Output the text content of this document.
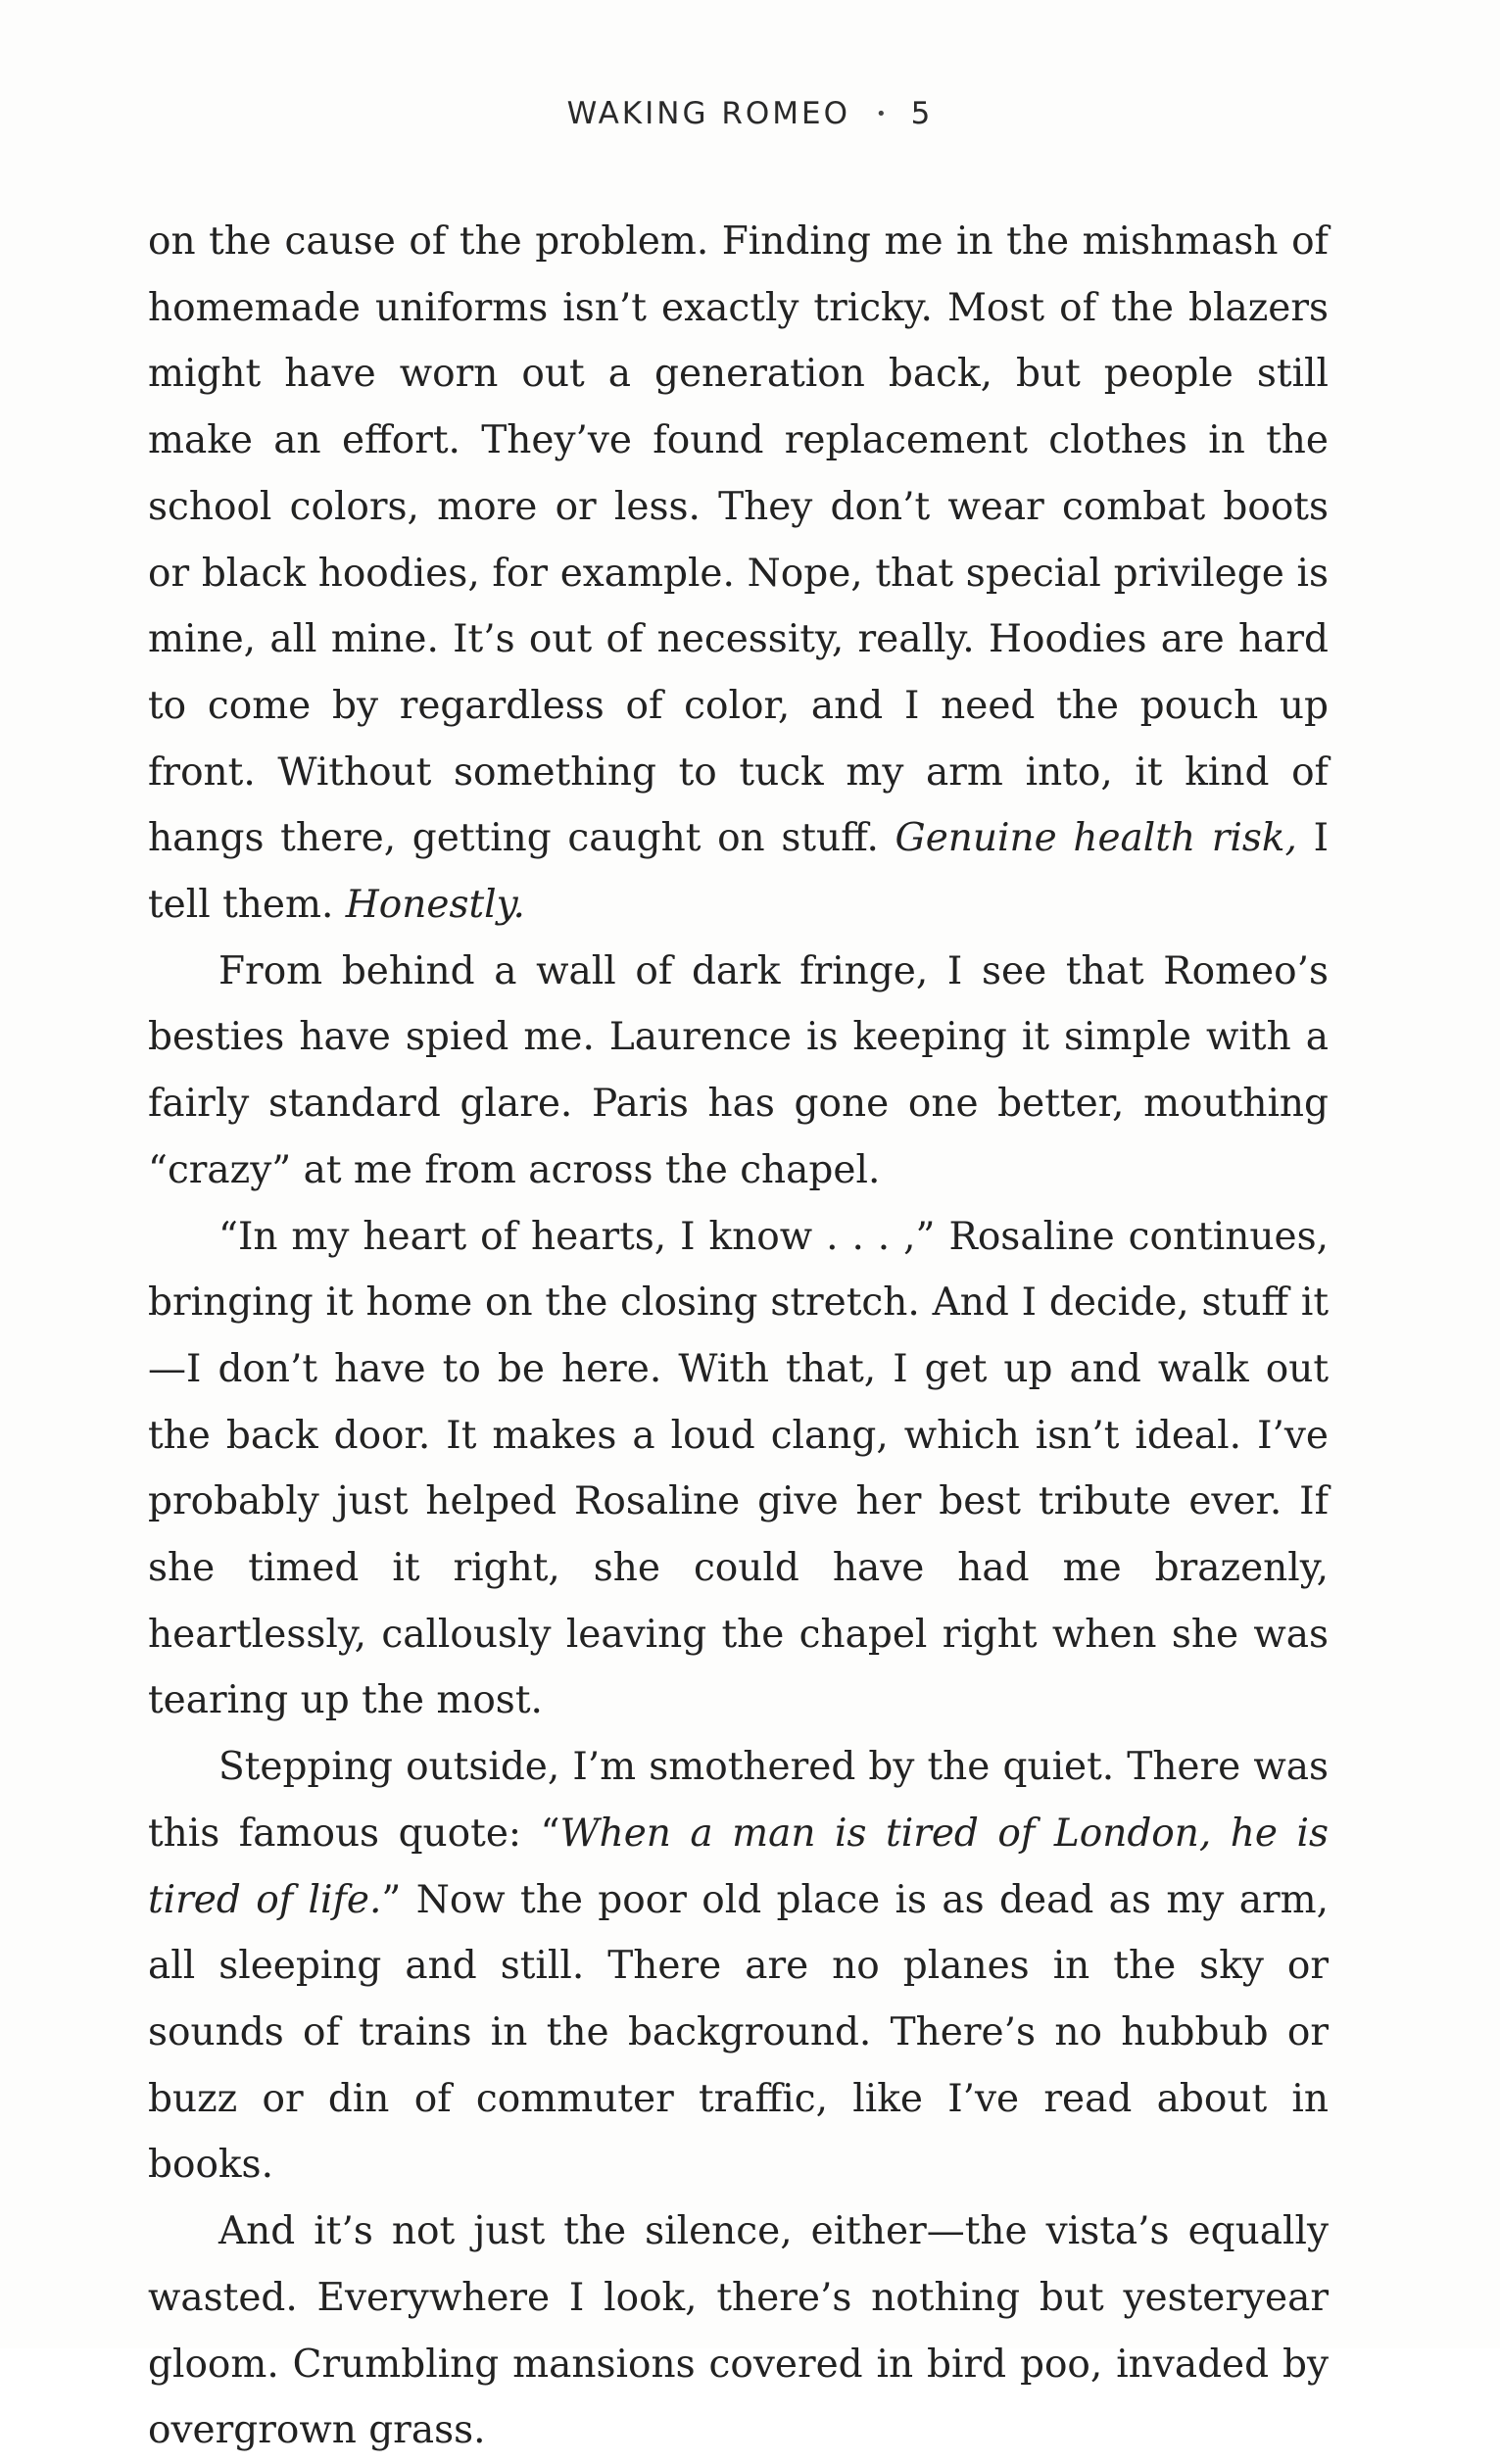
WAKING ROMEO • 5

on the cause of the problem. Finding me in the mishmash of homemade uniforms isn’t exactly tricky. Most of the blazers might have worn out a generation back, but people still make an effort. They’ve found replacement clothes in the school colors, more or less. They don’t wear combat boots or black hoodies, for example. Nope, that special privilege is mine, all mine. It’s out of necessity, really. Hoodies are hard to come by regardless of color, and I need the pouch up front. Without something to tuck my arm into, it kind of hangs there, getting caught on stuff. Genuine health risk, I tell them. Honestly.

From behind a wall of dark fringe, I see that Romeo’s besties have spied me. Laurence is keeping it simple with a fairly standard glare. Paris has gone one better, mouthing “crazy” at me from across the chapel.

“In my heart of hearts, I know . . . ,” Rosaline continues, bringing it home on the closing stretch. And I decide, stuff it—I don’t have to be here. With that, I get up and walk out the back door. It makes a loud clang, which isn’t ideal. I’ve probably just helped Rosaline give her best tribute ever. If she timed it right, she could have had me brazenly, heartlessly, callously leaving the chapel right when she was tearing up the most.

Stepping outside, I’m smothered by the quiet. There was this famous quote: “When a man is tired of London, he is tired of life.” Now the poor old place is as dead as my arm, all sleeping and still. There are no planes in the sky or sounds of trains in the background. There’s no hubbub or buzz or din of commuter traffic, like I’ve read about in books.

And it’s not just the silence, either—the vista’s equally wasted. Everywhere I look, there’s nothing but yesteryear gloom. Crumbling mansions covered in bird poo, invaded by overgrown grass.
